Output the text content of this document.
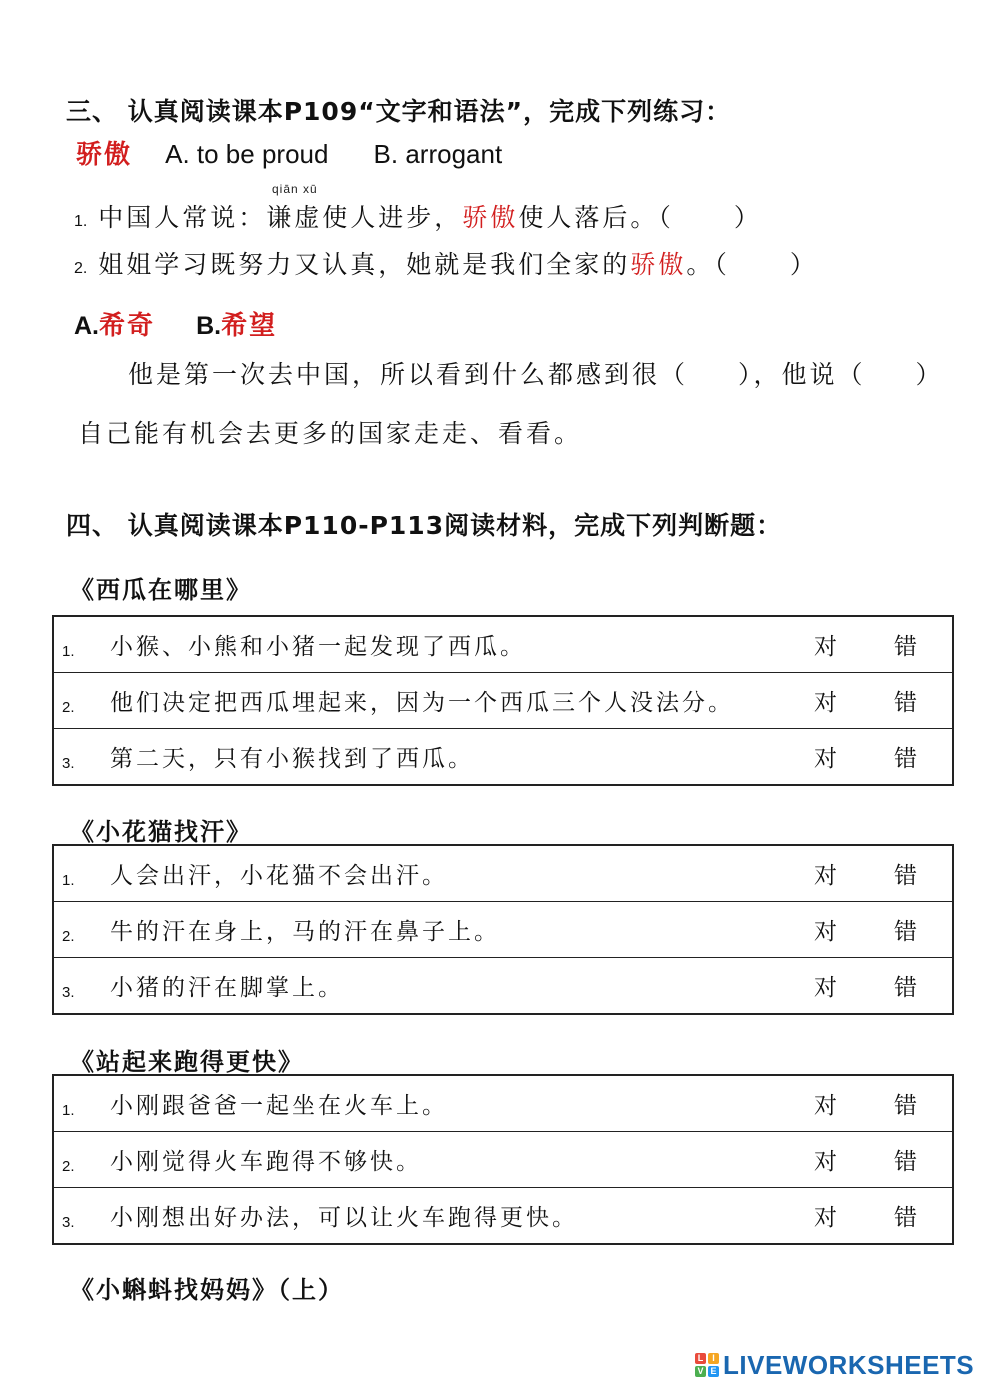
三、 认真阅读课本P109“文字和语法”，完成下列练习：
骄傲 A. to be proud B. arrogant
qiān xū
1. 中国人常说：谦虚使人进步，骄傲使人落后。（ ）
2. 姐姐学习既努力又认真，她就是我们全家的骄傲。（ ）
A.希奇 B.希望
他是第一次去中国，所以看到什么都感到很（ ），他说（ ）
自己能有机会去更多的国家走走、看看。
四、 认真阅读课本P110-P113阅读材料，完成下列判断题：
《西瓜在哪里》
1.	小猴、小熊和小猪一起发现了西瓜。	对	错
2.	他们决定把西瓜埋起来，因为一个西瓜三个人没法分。	对	错
3.	第二天，只有小猴找到了西瓜。	对	错
《小花猫找汗》
1.	人会出汗，小花猫不会出汗。	对	错
2.	牛的汗在身上，马的汗在鼻子上。	对	错
3.	小猪的汗在脚掌上。	对	错
《站起来跑得更快》
1.	小刚跟爸爸一起坐在火车上。	对	错
2.	小刚觉得火车跑得不够快。	对	错
3.	小刚想出好办法，可以让火车跑得更快。	对	错
《小蝌蚪找妈妈》（上）
L I
V E LIVEWORKSHEETS
